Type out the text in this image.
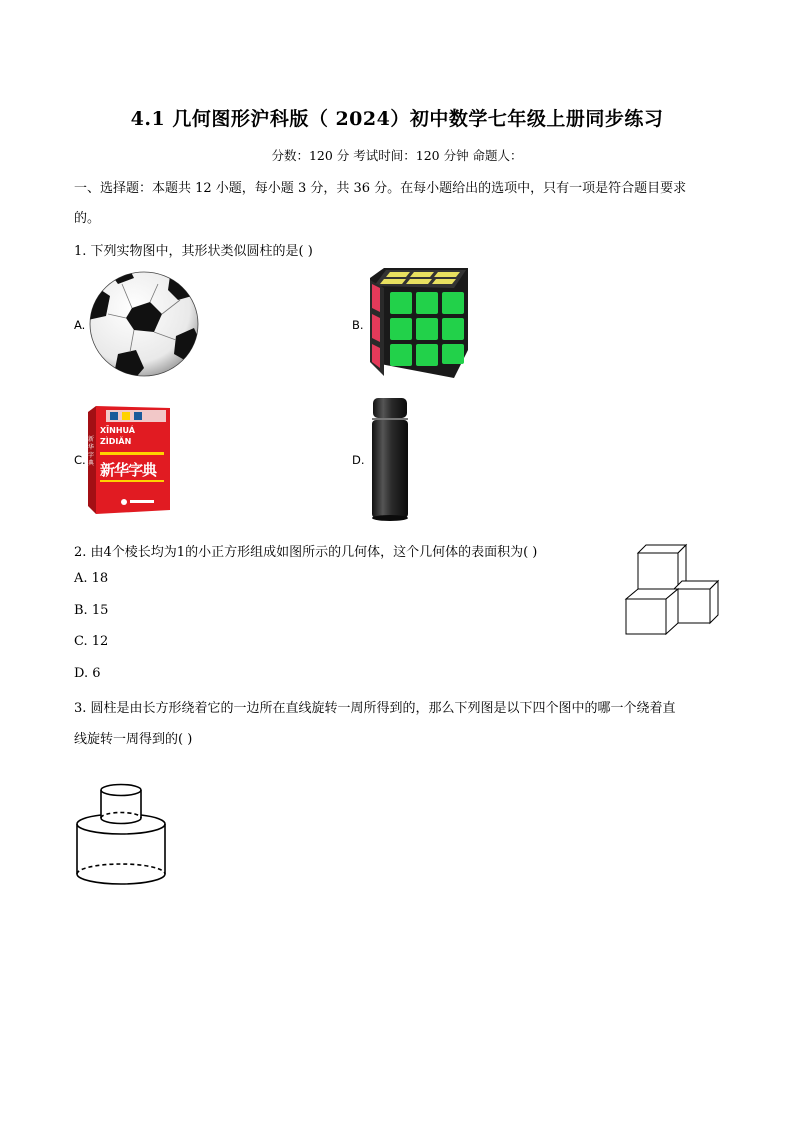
4.1 几何图形沪科版（ 2024）初中数学七年级上册同步练习
分数：120 分 考试时间：120 分钟 命题人：
一、选择题：本题共 12 小题，每小题 3 分，共 36 分。在每小题给出的选项中，只有一项是符合题目要求
的。
1. 下列实物图中，其形状类似圆柱的是( )
A.	B.
C.
XĪNHUÁ
ZÌDIǍN
新华字典
新华字典	D.
2. 由4个棱长均为1的小正方形组成如图所示的几何体，这个几何体的表面积为( )
A. 18
B. 15
C. 12
D. 6
3. 圆柱是由长方形绕着它的一边所在直线旋转一周所得到的，那么下列图是以下四个图中的哪一个绕着直
线旋转一周得到的( )
